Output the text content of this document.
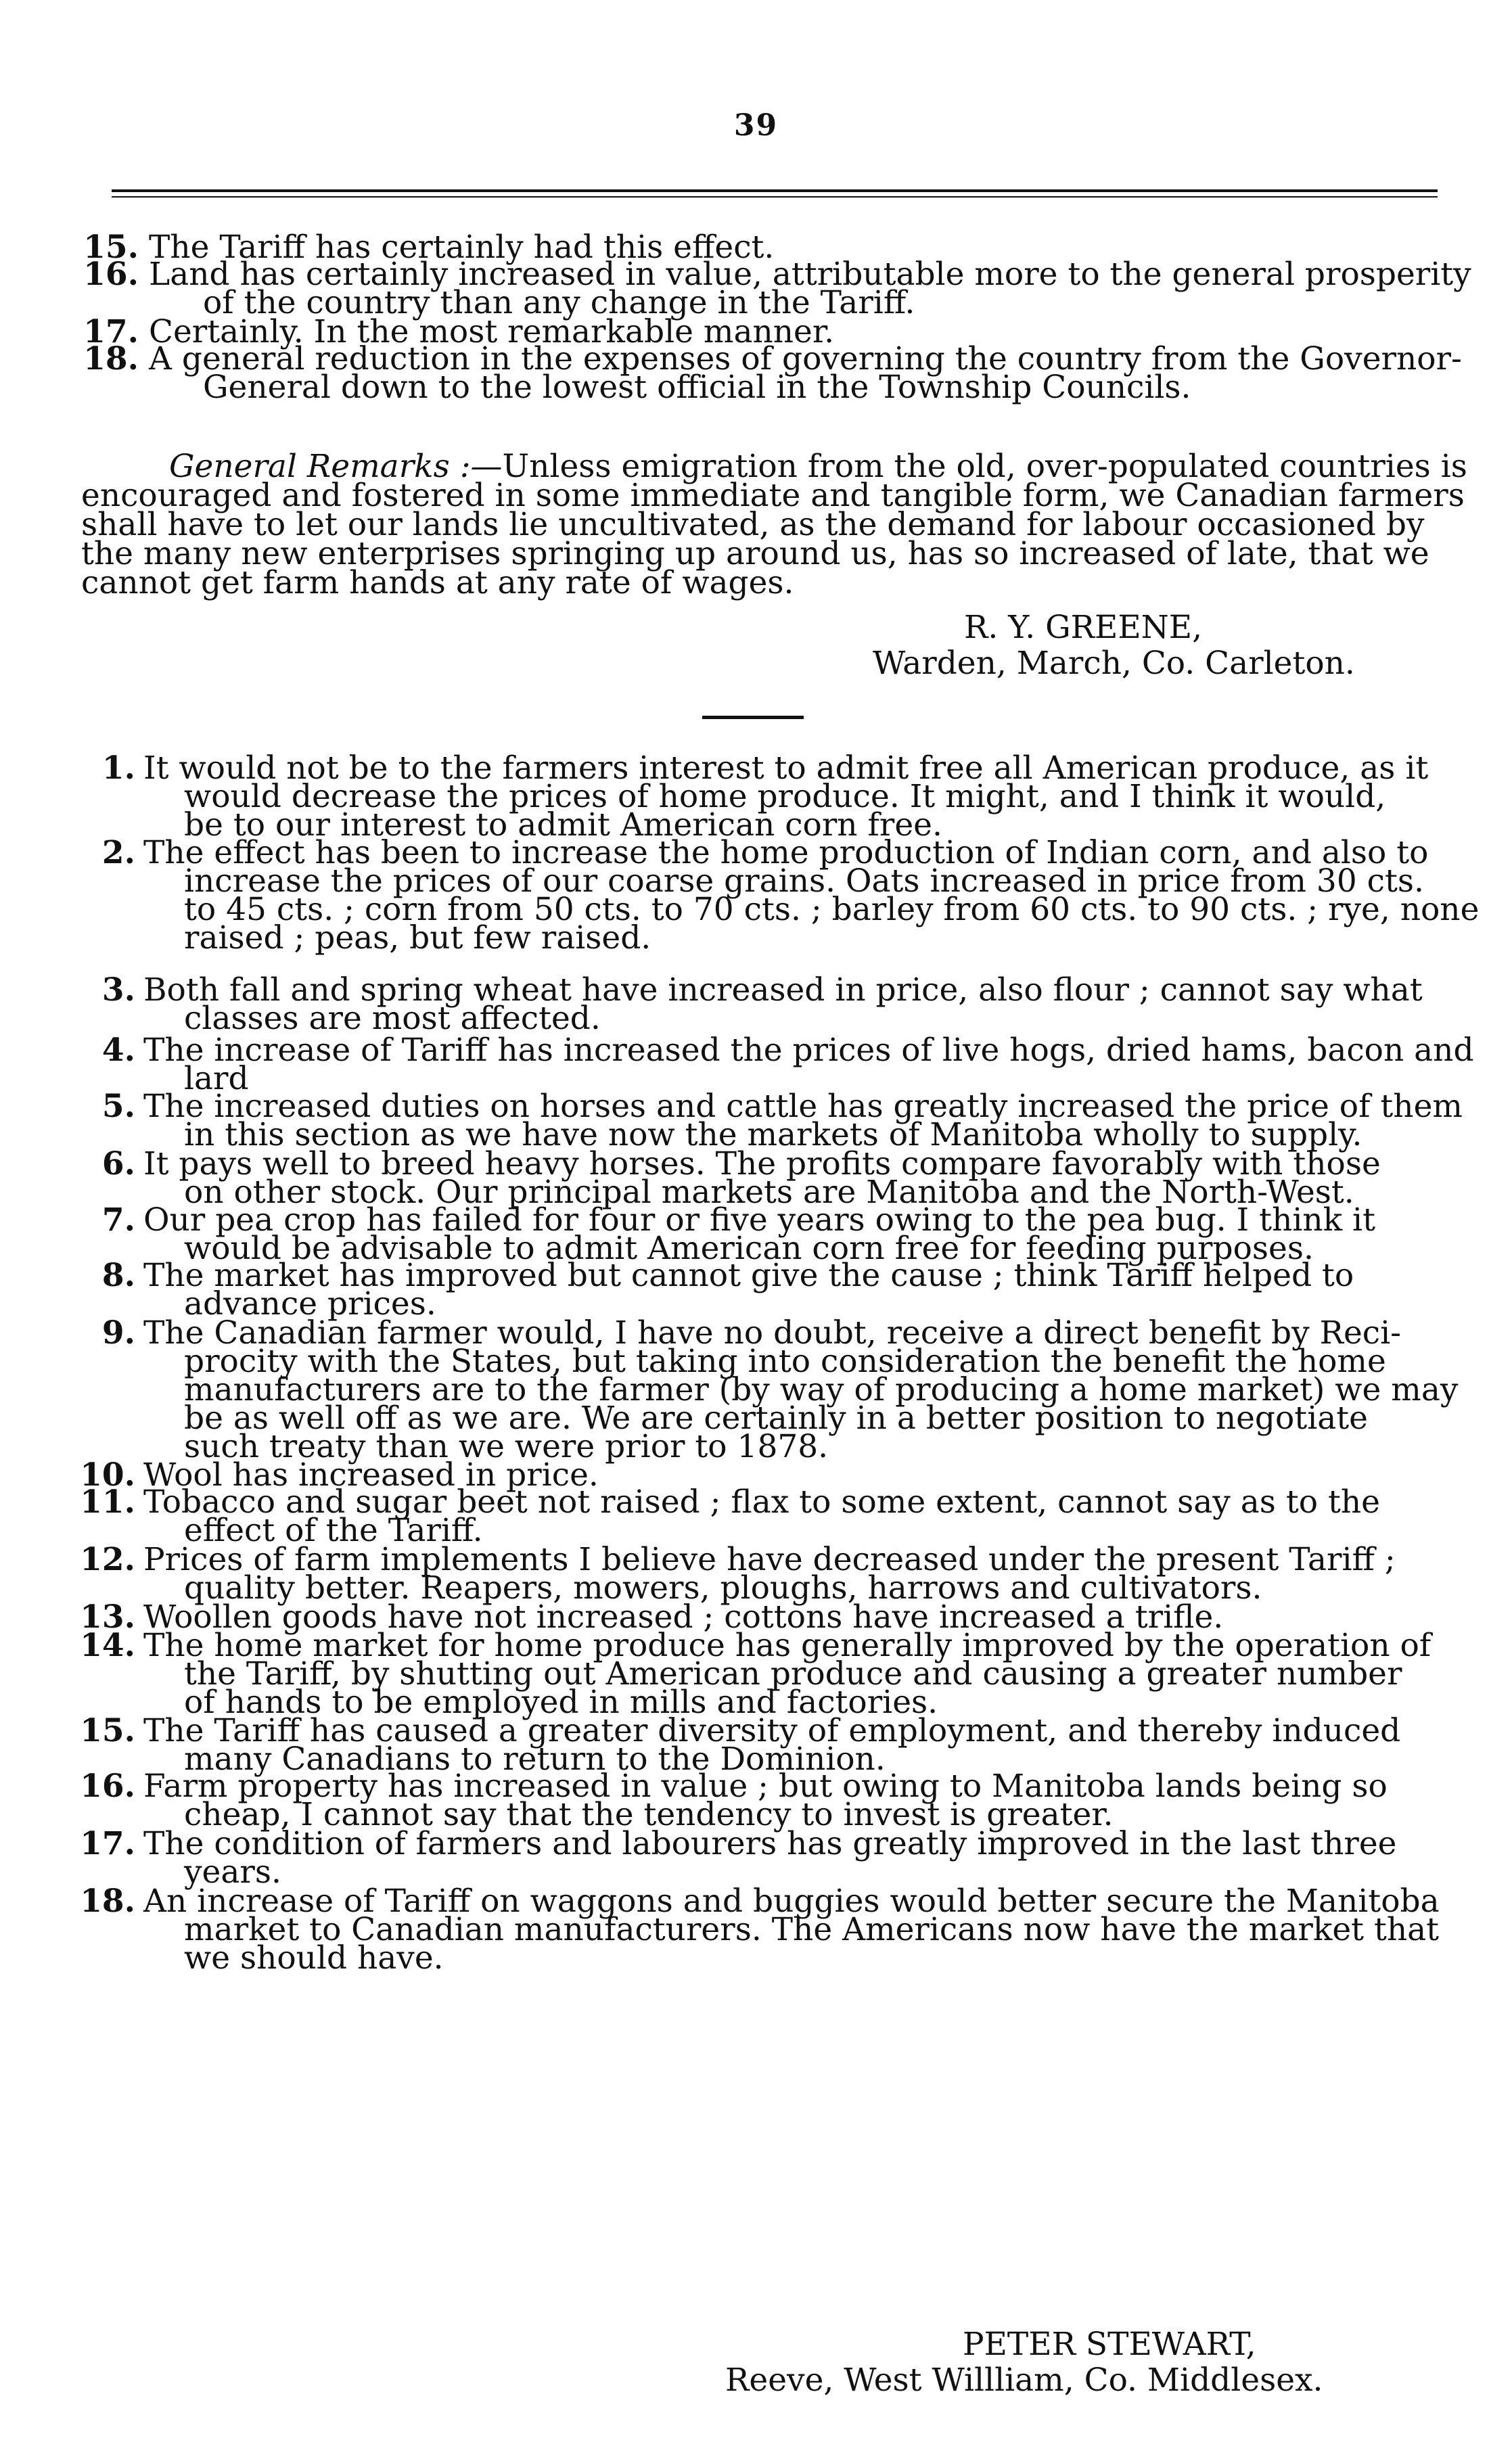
39
15. The Tariff has certainly had this effect.
16. Land has certainly increased in value, attributable more to the general prosperity
of the country than any change in the Tariff.
17. Certainly. In the most remarkable manner.
18. A general reduction in the expenses of governing the country from the Governor-
General down to the lowest official in the Township Councils.
General Remarks :—Unless emigration from the old, over-populated countries is
encouraged and fostered in some immediate and tangible form, we Canadian farmers
shall have to let our lands lie uncultivated, as the demand for labour occasioned by
the many new enterprises springing up around us, has so increased of late, that we
cannot get farm hands at any rate of wages.
R. Y. GREENE,
Warden, March, Co. Carleton.
1. It would not be to the farmers interest to admit free all American produce, as it
would decrease the prices of home produce. It might, and I think it would,
be to our interest to admit American corn free.
2. The effect has been to increase the home production of Indian corn, and also to
increase the prices of our coarse grains. Oats increased in price from 30 cts.
to 45 cts. ; corn from 50 cts. to 70 cts. ; barley from 60 cts. to 90 cts. ; rye, none
raised ; peas, but few raised.
3. Both fall and spring wheat have increased in price, also flour ; cannot say what
classes are most affected.
4. The increase of Tariff has increased the prices of live hogs, dried hams, bacon and
lard
5. The increased duties on horses and cattle has greatly increased the price of them
in this section as we have now the markets of Manitoba wholly to supply.
6. It pays well to breed heavy horses. The profits compare favorably with those
on other stock. Our principal markets are Manitoba and the North-West.
7. Our pea crop has failed for four or five years owing to the pea bug. I think it
would be advisable to admit American corn free for feeding purposes.
8. The market has improved but cannot give the cause ; think Tariff helped to
advance prices.
9. The Canadian farmer would, I have no doubt, receive a direct benefit by Reci-
procity with the States, but taking into consideration the benefit the home
manufacturers are to the farmer (by way of producing a home market) we may
be as well off as we are. We are certainly in a better position to negotiate
such treaty than we were prior to 1878.
10. Wool has increased in price.
11. Tobacco and sugar beet not raised ; flax to some extent, cannot say as to the
effect of the Tariff.
12. Prices of farm implements I believe have decreased under the present Tariff ;
quality better. Reapers, mowers, ploughs, harrows and cultivators.
13. Woollen goods have not increased ; cottons have increased a trifle.
14. The home market for home produce has generally improved by the operation of
the Tariff, by shutting out American produce and causing a greater number
of hands to be employed in mills and factories.
15. The Tariff has caused a greater diversity of employment, and thereby induced
many Canadians to return to the Dominion.
16. Farm property has increased in value ; but owing to Manitoba lands being so
cheap, I cannot say that the tendency to invest is greater.
17. The condition of farmers and labourers has greatly improved in the last three
years.
18. An increase of Tariff on waggons and buggies would better secure the Manitoba
market to Canadian manufacturers. The Americans now have the market that
we should have.
PETER STEWART,
Reeve, West Willliam, Co. Middlesex.
